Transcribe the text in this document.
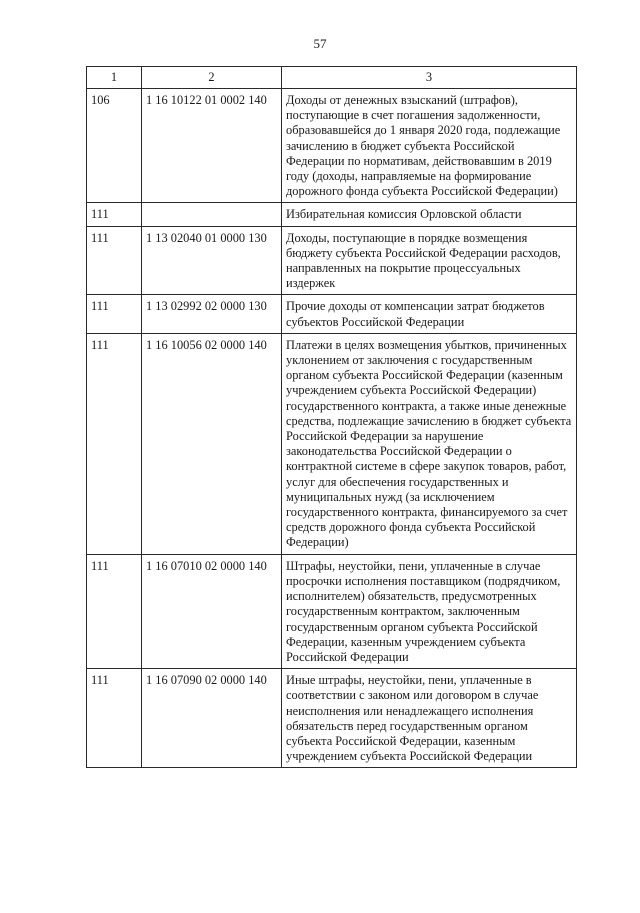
57
1	2	3
106	1 16 10122 01 0002 140	Доходы от денежных взысканий (штрафов), поступающие в счет погашения задолженности, образовавшейся до 1 января 2020 года, подлежащие зачислению в бюджет субъекта Российской Федерации по нормативам, действовавшим в 2019 году (доходы, направляемые на формирование дорожного фонда субъекта Российской Федерации)
111		Избирательная комиссия Орловской области
111	1 13 02040 01 0000 130	Доходы, поступающие в порядке возмещения бюджету субъекта Российской Федерации расходов, направленных на покрытие процессуальных издержек
111	1 13 02992 02 0000 130	Прочие доходы от компенсации затрат бюджетов субъектов Российской Федерации
111	1 16 10056 02 0000 140	Платежи в целях возмещения убытков, причиненных уклонением от заключения с государственным органом субъекта Российской Федерации (казенным учреждением субъекта Российской Федерации) государственного контракта, а также иные денежные средства, подлежащие зачислению в бюджет субъекта Российской Федерации за нарушение законодательства Российской Федерации о контрактной системе в сфере закупок товаров, работ, услуг для обеспечения государственных и муниципальных нужд (за исключением государственного контракта, финансируемого за счет средств дорожного фонда субъекта Российской Федерации)
111	1 16 07010 02 0000 140	Штрафы, неустойки, пени, уплаченные в случае просрочки исполнения поставщиком (подрядчиком, исполнителем) обязательств, предусмотренных государственным контрактом, заключенным государственным органом субъекта Российской Федерации, казенным учреждением субъекта Российской Федерации
111	1 16 07090 02 0000 140	Иные штрафы, неустойки, пени, уплаченные в соответствии с законом или договором в случае неисполнения или ненадлежащего исполнения обязательств перед государственным органом субъекта Российской Федерации, казенным учреждением субъекта Российской Федерации
